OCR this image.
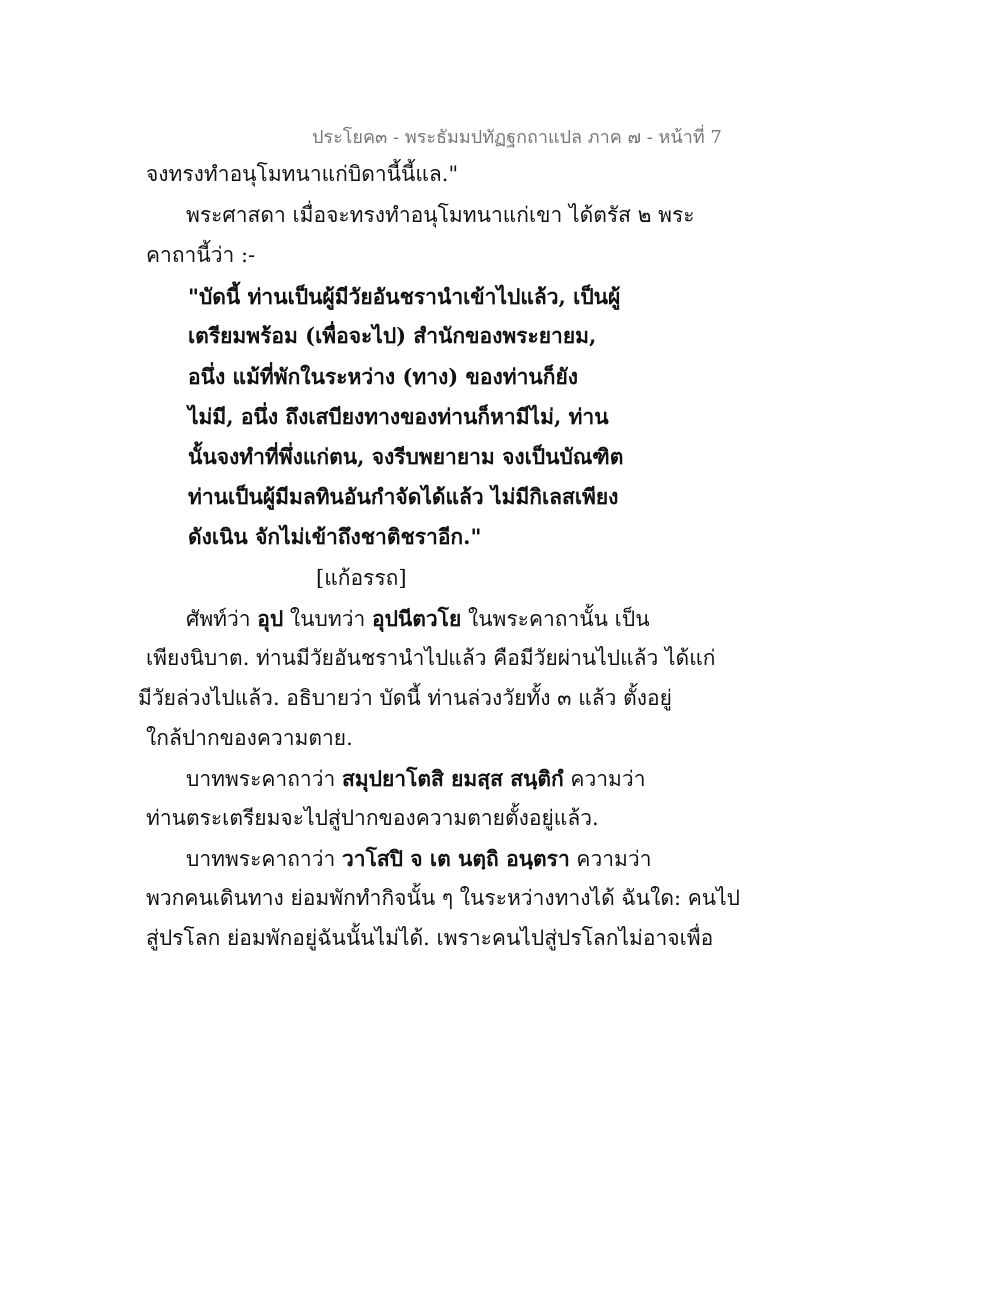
ประโยค๓ - พระธัมมปทัฏฐกถาแปล ภาค ๗ - หน้าที่ 7
จงทรงทำอนุโมทนาแก่บิดานี้นี้แล."
พระศาสดา เมื่อจะทรงทำอนุโมทนาแก่เขา ได้ตรัส ๒ พระ
คาถานี้ว่า :-
"บัดนี้ ท่านเป็นผู้มีวัยอันชรานำเข้าไปแล้ว, เป็นผู้
เตรียมพร้อม (เพื่อจะไป) สำนักของพระยายม,
อนึ่ง แม้ที่พักในระหว่าง (ทาง) ของท่านก็ยัง
ไม่มี, อนึ่ง ถึงเสบียงทางของท่านก็หามีไม่, ท่าน
นั้นจงทำที่พึ่งแก่ตน, จงรีบพยายาม จงเป็นบัณฑิต
ท่านเป็นผู้มีมลทินอันกำจัดได้แล้ว ไม่มีกิเลสเพียง
ดังเนิน จักไม่เข้าถึงชาติชราอีก."
[แก้อรรถ]
ศัพท์ว่า อุป ในบทว่า อุปนีตวโย ในพระคาถานั้น เป็น
เพียงนิบาต. ท่านมีวัยอันชรานำไปแล้ว คือมีวัยผ่านไปแล้ว ได้แก่
มีวัยล่วงไปแล้ว. อธิบายว่า บัดนี้ ท่านล่วงวัยทั้ง ๓ แล้ว ตั้งอยู่
ใกล้ปากของความตาย.
บาทพระคาถาว่า สมุปยาโตสิ ยมสฺส สนฺติกํ ความว่า
ท่านตระเตรียมจะไปสู่ปากของความตายตั้งอยู่แล้ว.
บาทพระคาถาว่า วาโสปิ จ เต นตฺถิ อนฺตรา ความว่า
พวกคนเดินทาง ย่อมพักทำกิจนั้น ๆ ในระหว่างทางได้ ฉันใด: คนไป
สู่ปรโลก ย่อมพักอยู่ฉันนั้นไม่ได้. เพราะคนไปสู่ปรโลกไม่อาจเพื่อ
